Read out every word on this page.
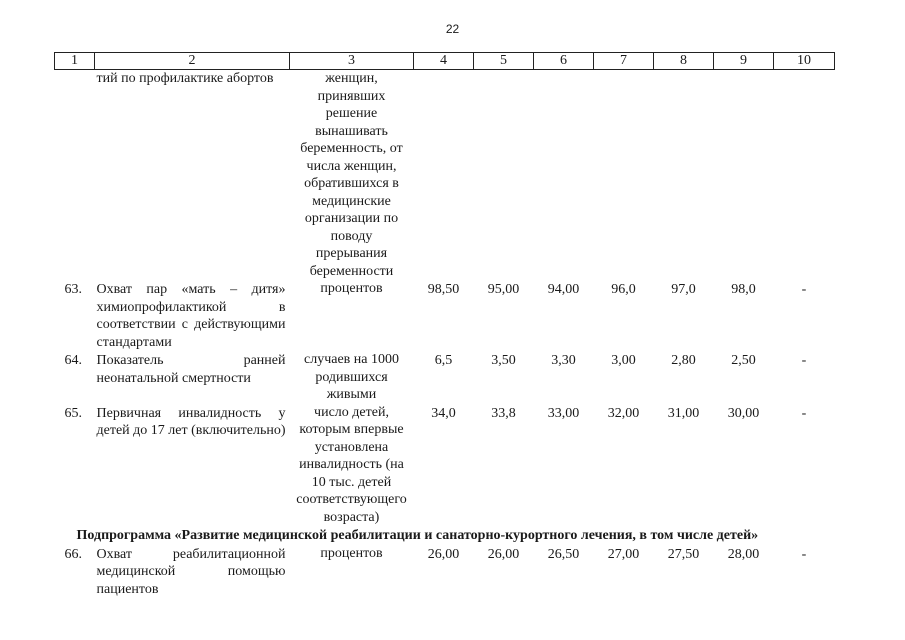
22
1	2	3	4	5	6	7	8	9	10
	тий по профилактике абортов	женщин, принявших решение вынашивать беременность, от числа женщин, обратившихся в медицинские организации по поводу прерывания беременности							
63.	Охват пар «мать – дитя» химиопрофилактикой в соответствии с действующими стандартами	процентов	98,50	95,00	94,00	96,0	97,0	98,0	-
64.	Показатель ранней неонатальной смертности	случаев на 1000 родившихся живыми	6,5	3,50	3,30	3,00	2,80	2,50	-
65.	Первичная инвалидность у детей до 17 лет (включительно)	число детей, которым впервые установлена инвалидность (на 10 тыс. детей соответствующего возраста)	34,0	33,8	33,00	32,00	31,00	30,00	-
Подпрограмма «Развитие медицинской реабилитации и санаторно-курортного лечения, в том числе детей»									
66.	Охват реабилитационной медицинской помощью пациентов	процентов	26,00	26,00	26,50	27,00	27,50	28,00	-
